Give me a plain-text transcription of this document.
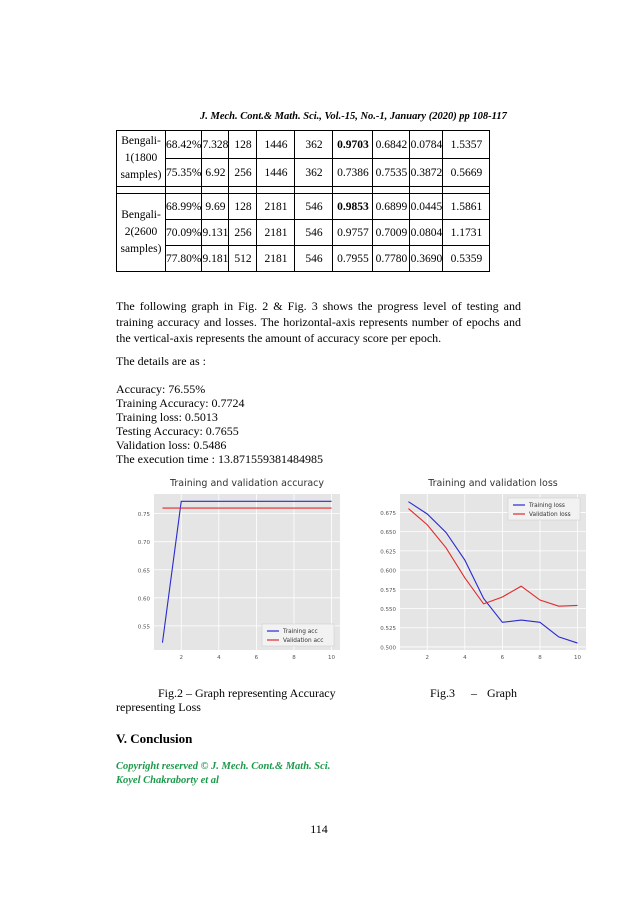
J. Mech. Cont.& Math. Sci., Vol.-15, No.-1, January (2020) pp 108-117
Bengali-
1(1800
samples)	68.42%	7.328	128	1446	362	0.9703	0.6842	0.0784	1.5357
	75.35%	6.92	256	1446	362	0.7386	0.7535	0.3872	0.5669

Bengali-
2(2600
samples)	68.99%	9.69	128	2181	546	0.9853	0.6899	0.0445	1.5861
	70.09%	9.131	256	2181	546	0.9757	0.7009	0.0804	1.1731
	77.80%	9.181	512	2181	546	0.7955	0.7780	0.3690	0.5359
The following graph in Fig. 2 & Fig. 3 shows the progress level of testing and training accuracy and losses. The horizontal-axis represents number of epochs and the vertical-axis represents the amount of accuracy score per epoch.
The details are as :
Accuracy: 76.55%
Training Accuracy: 0.7724
Training loss: 0.5013
Testing Accuracy: 0.7655
Validation loss: 0.5486
The execution time : 13.871559381484985
Training and validation accuracy
0.55
0.60
0.65
0.70
0.75
2	4	6	8	10
Training acc
Validation acc
Training and validation loss
0.500
0.525
0.550
0.575
0.600
0.625
0.650
0.675
2	4	6	8	10
Training loss
Validation loss
Fig.2 – Graph representing Accuracy	Fig.3 – Graph
representing Loss
V. Conclusion
Copyright reserved © J. Mech. Cont.& Math. Sci.
Koyel Chakraborty et al
114
